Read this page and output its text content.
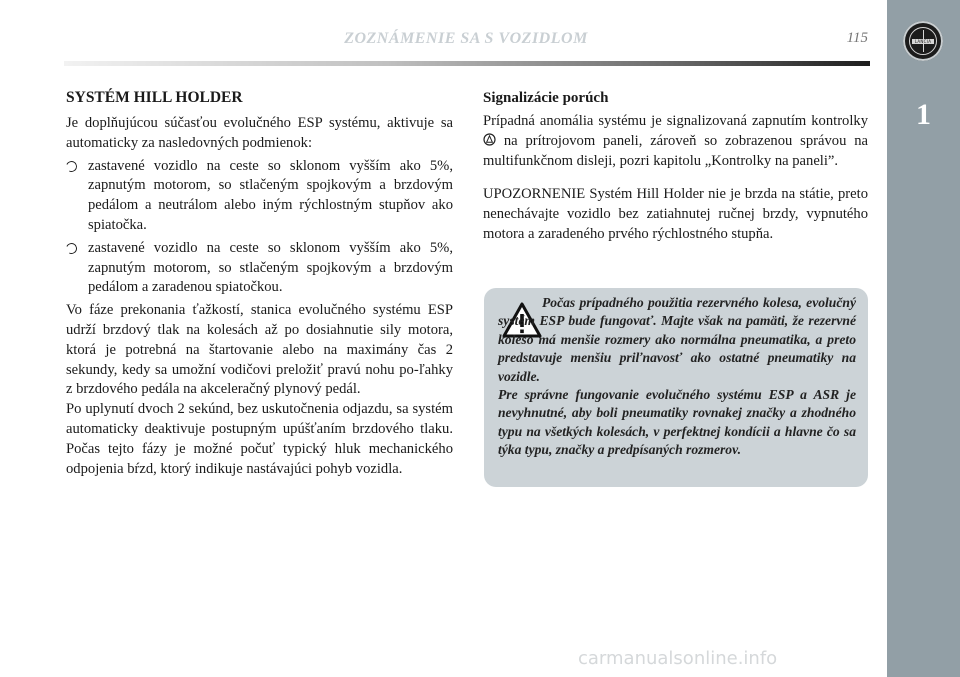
ZOZNÁMENIE SA S VOZIDLOM	115	LANCIA
1
SYSTÉM HILL HOLDER

Je doplňujúcou súčasťou evolučného ESP systému, aktivuje sa automaticky za nasledovných podmienok:

zastavené vozidlo na ceste so sklonom vyšším ako 5%, zapnutým motorom, so stlačeným spojkovým a brzdovým pedálom a neutrálom alebo iným rýchlostným stupňov ako spiatočka.

zastavené vozidlo na ceste so sklonom vyšším ako 5%, zapnutým motorom, so stlačeným spojkovým a brzdovým pedálom a zaradenou spiatočkou.

Vo fáze prekonania ťažkostí, stanica evolučného systému ESP udrží brzdový tlak na kolesách až po dosiahnutie sily motora, ktorá je potrebná na štartovanie alebo na maximány čas 2 sekundy, kedy sa umožní vodičovi preložiť pravú nohu po-ľahky z brzdového pedála na akceleračný plynový pedál.

Po uplynutí dvoch 2 sekúnd, bez uskutočnenia odjazdu, sa systém automaticky deaktivuje postupným upúšťaním brzdového tlaku. Počas tejto fázy je možné počuť typický hluk mechanického odpojenia bŕzd, ktorý indikuje nastávajúci pohyb vozidla.

Signalizácie porúch

Prípadná anomália systému je signalizovaná zapnutím kontrolky  na prítrojovom paneli, zároveň so zobrazenou správou na multifunkčnom disleji, pozri kapitolu „Kontrolky na paneli”.

UPOZORNENIE Systém Hill Holder nie je brzda na státie, preto nenechávajte vozidlo bez zatiahnutej ručnej brzdy, vypnutého motora a zaradeného prvého rýchlostného stupňa.

Počas prípadného použitia rezervného kolesa, evolučný systém ESP bude fungovať. Majte však na pamäti, že rezervné koleso má menšie rozmery ako normálna pneumatika, a preto predstavuje menšiu priľnavosť ako ostatné pneumatiky na vozidle.
Pre správne fungovanie evolučného systému ESP a ASR je nevyhnutné, aby boli pneumatiky rovnakej značky a zhodného typu na všetkých kolesách, v perfektnej kondícii a hlavne čo sa týka typu, značky a predpísaných rozmerov.
carmanualsonline.info
